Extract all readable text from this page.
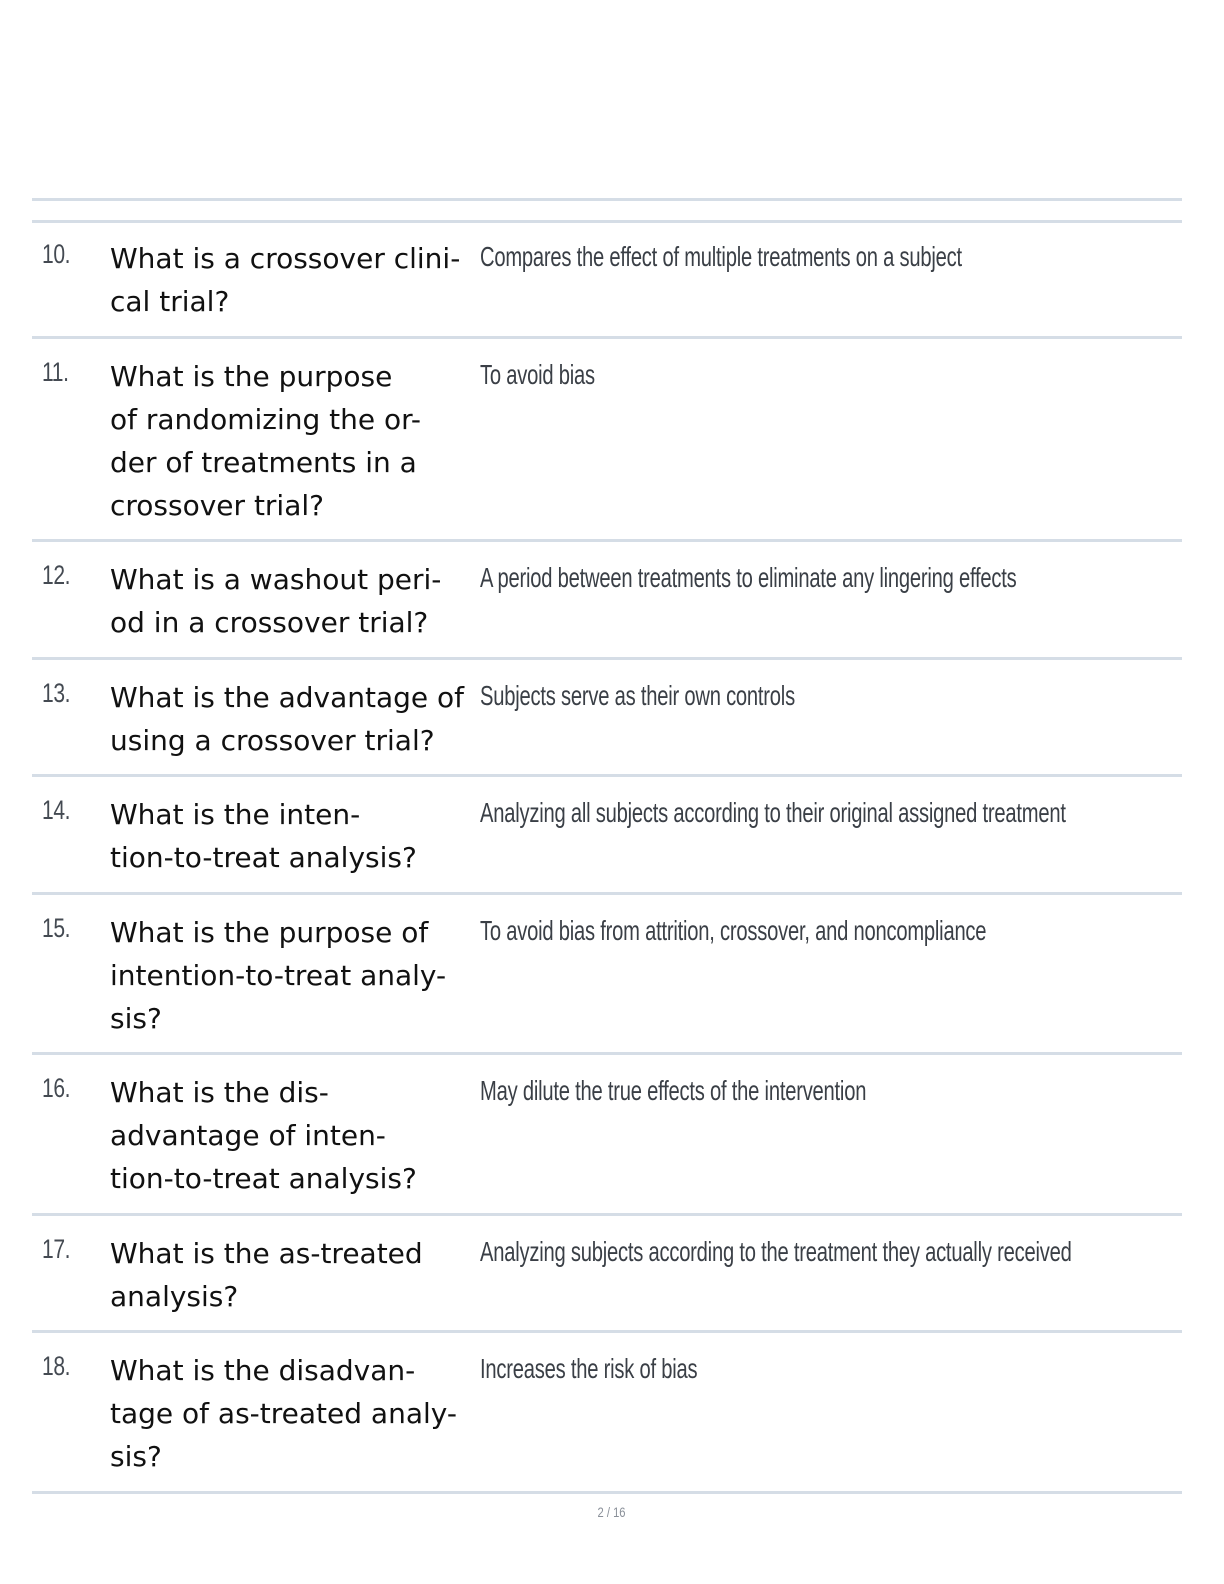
10. What is a crossover clini-
cal trial?
Compares the effect of multiple treatments on a subject
11. What is the purpose
of randomizing the or-
der of treatments in a
crossover trial?
To avoid bias
12. What is a washout peri-
od in a crossover trial?
A period between treatments to eliminate any lingering effects
13. What is the advantage of
using a crossover trial?
Subjects serve as their own controls
14. What is the inten-
tion-to-treat analysis?
Analyzing all subjects according to their original assigned treatment
15. What is the purpose of
intention-to-treat analy-
sis?
To avoid bias from attrition, crossover, and noncompliance
16. What is the dis-
advantage of inten-
tion-to-treat analysis?
May dilute the true effects of the intervention
17. What is the as-treated
analysis?
Analyzing subjects according to the treatment they actually received
18. What is the disadvan-
tage of as-treated analy-
sis?
Increases the risk of bias
2 / 16
